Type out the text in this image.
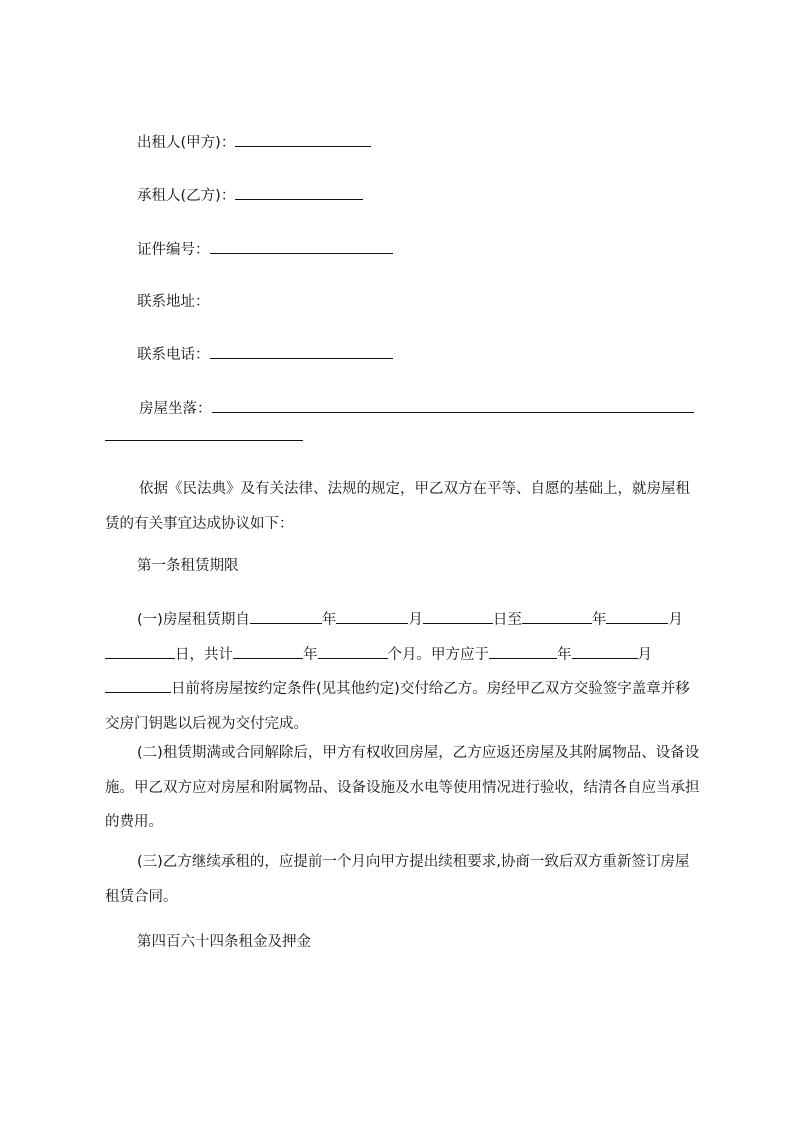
出租人(甲方)：
承租人(乙方)：
证件编号：
联系地址：
联系电话：
房屋坐落：
依据《民法典》及有关法律、法规的规定，甲乙双方在平等、自愿的基础上，就房屋租赁的有关事宜达成协议如下：
第一条租赁期限
(一)房屋租赁期自	年	月	日至	年	月日，共计	年	个月。甲方应于	年	月日前将房屋按约定条件(见其他约定)交付给乙方。房经甲乙双方交验签字盖章并移交房门钥匙以后视为交付完成。
(二)租赁期满或合同解除后，甲方有权收回房屋，乙方应返还房屋及其附属物品、设备设施。甲乙双方应对房屋和附属物品、设备设施及水电等使用情况进行验收，结清各自应当承担的费用。
(三)乙方继续承租的，应提前一个月向甲方提出续租要求,协商一致后双方重新签订房屋租赁合同。
第四百六十四条租金及押金
